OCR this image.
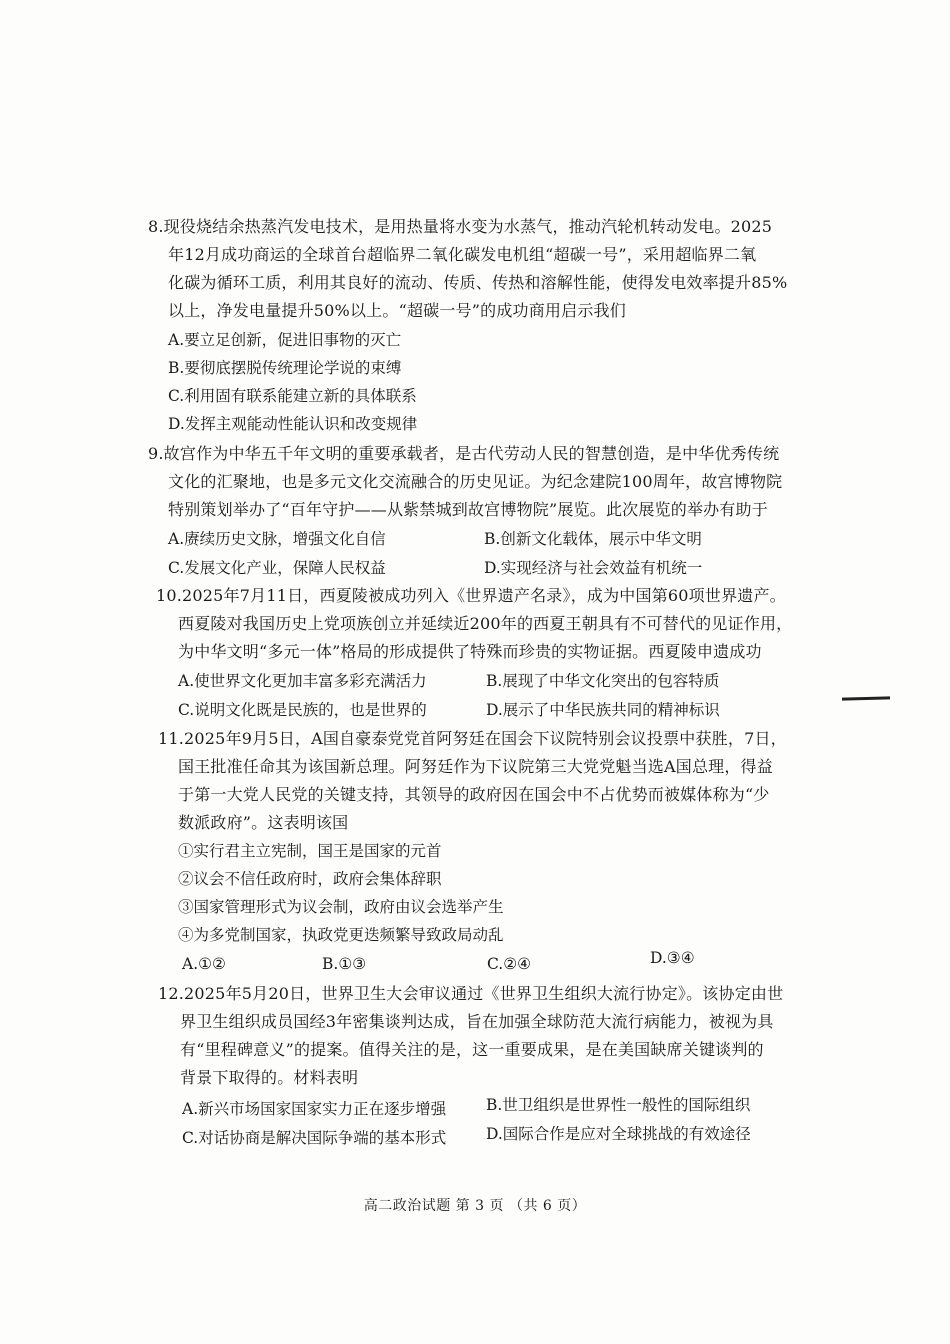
8.现役烧结余热蒸汽发电技术，是用热量将水变为水蒸气，推动汽轮机转动发电。2025
年12月成功商运的全球首台超临界二氧化碳发电机组“超碳一号”，采用超临界二氧
化碳为循环工质，利用其良好的流动、传质、传热和溶解性能，使得发电效率提升85%
以上，净发电量提升50%以上。“超碳一号”的成功商用启示我们
A.要立足创新，促进旧事物的灭亡
B.要彻底摆脱传统理论学说的束缚
C.利用固有联系能建立新的具体联系
D.发挥主观能动性能认识和改变规律
9.故宫作为中华五千年文明的重要承载者，是古代劳动人民的智慧创造，是中华优秀传统
文化的汇聚地，也是多元文化交流融合的历史见证。为纪念建院100周年，故宫博物院
特别策划举办了“百年守护——从紫禁城到故宫博物院”展览。此次展览的举办有助于
A.赓续历史文脉，增强文化自信	B.创新文化载体，展示中华文明
C.发展文化产业，保障人民权益	D.实现经济与社会效益有机统一
10.2025年7月11日，西夏陵被成功列入《世界遗产名录》，成为中国第60项世界遗产。
西夏陵对我国历史上党项族创立并延续近200年的西夏王朝具有不可替代的见证作用，
为中华文明“多元一体”格局的形成提供了特殊而珍贵的实物证据。西夏陵申遗成功
A.使世界文化更加丰富多彩充满活力	B.展现了中华文化突出的包容特质
C.说明文化既是民族的，也是世界的	D.展示了中华民族共同的精神标识
11.2025年9月5日，A国自豪泰党党首阿努廷在国会下议院特别会议投票中获胜，7日，
国王批准任命其为该国新总理。阿努廷作为下议院第三大党党魁当选A国总理，得益
于第一大党人民党的关键支持，其领导的政府因在国会中不占优势而被媒体称为“少
数派政府”。这表明该国
①实行君主立宪制，国王是国家的元首
②议会不信任政府时，政府会集体辞职
③国家管理形式为议会制，政府由议会选举产生
④为多党制国家，执政党更迭频繁导致政局动乱
A.①②	B.①③	C.②④	D.③④
12.2025年5月20日，世界卫生大会审议通过《世界卫生组织大流行协定》。该协定由世
界卫生组织成员国经3年密集谈判达成，旨在加强全球防范大流行病能力，被视为具
有“里程碑意义”的提案。值得关注的是，这一重要成果，是在美国缺席关键谈判的
背景下取得的。材料表明
A.新兴市场国家国家实力正在逐步增强	B.世卫组织是世界性一般性的国际组织
C.对话协商是解决国际争端的基本形式	D.国际合作是应对全球挑战的有效途径
高二政治试题 第 3 页 （共 6 页）
